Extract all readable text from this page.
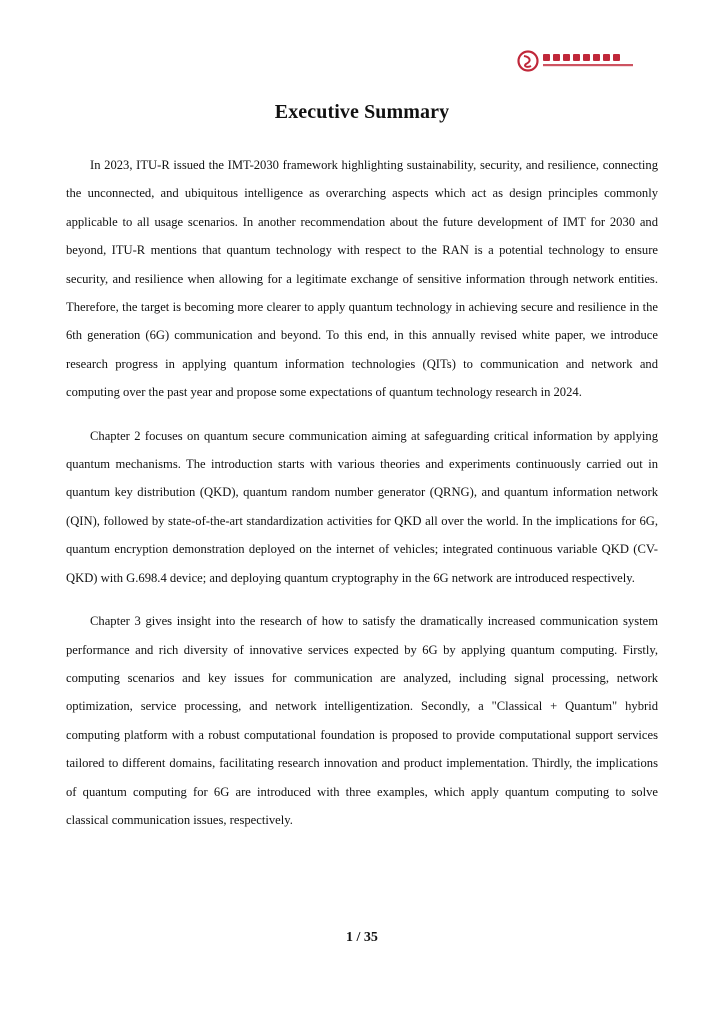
Executive Summary

In 2023, ITU-R issued the IMT-2030 framework highlighting sustainability, security, and resilience, connecting the unconnected, and ubiquitous intelligence as overarching aspects which act as design principles commonly applicable to all usage scenarios. In another recommendation about the future development of IMT for 2030 and beyond, ITU-R mentions that quantum technology with respect to the RAN is a potential technology to ensure security, and resilience when allowing for a legitimate exchange of sensitive information through network entities. Therefore, the target is becoming more clearer to apply quantum technology in achieving secure and resilience in the 6th generation (6G) communication and beyond. To this end, in this annually revised white paper, we introduce research progress in applying quantum information technologies (QITs) to communication and network and computing over the past year and propose some expectations of quantum technology research in 2024.

Chapter 2 focuses on quantum secure communication aiming at safeguarding critical information by applying quantum mechanisms. The introduction starts with various theories and experiments continuously carried out in quantum key distribution (QKD), quantum random number generator (QRNG), and quantum information network (QIN), followed by state-of-the-art standardization activities for QKD all over the world. In the implications for 6G, quantum encryption demonstration deployed on the internet of vehicles; integrated continuous variable QKD (CV-QKD) with G.698.4 device; and deploying quantum cryptography in the 6G network are introduced respectively.

Chapter 3 gives insight into the research of how to satisfy the dramatically increased communication system performance and rich diversity of innovative services expected by 6G by applying quantum computing. Firstly, computing scenarios and key issues for communication are analyzed, including signal processing, network optimization, service processing, and network intelligentization. Secondly, a "Classical + Quantum" hybrid computing platform with a robust computational foundation is proposed to provide computational support services tailored to different domains, facilitating research innovation and product implementation. Thirdly, the implications of quantum computing for 6G are introduced with three examples, which apply quantum computing to solve classical communication issues, respectively.

1 / 35
